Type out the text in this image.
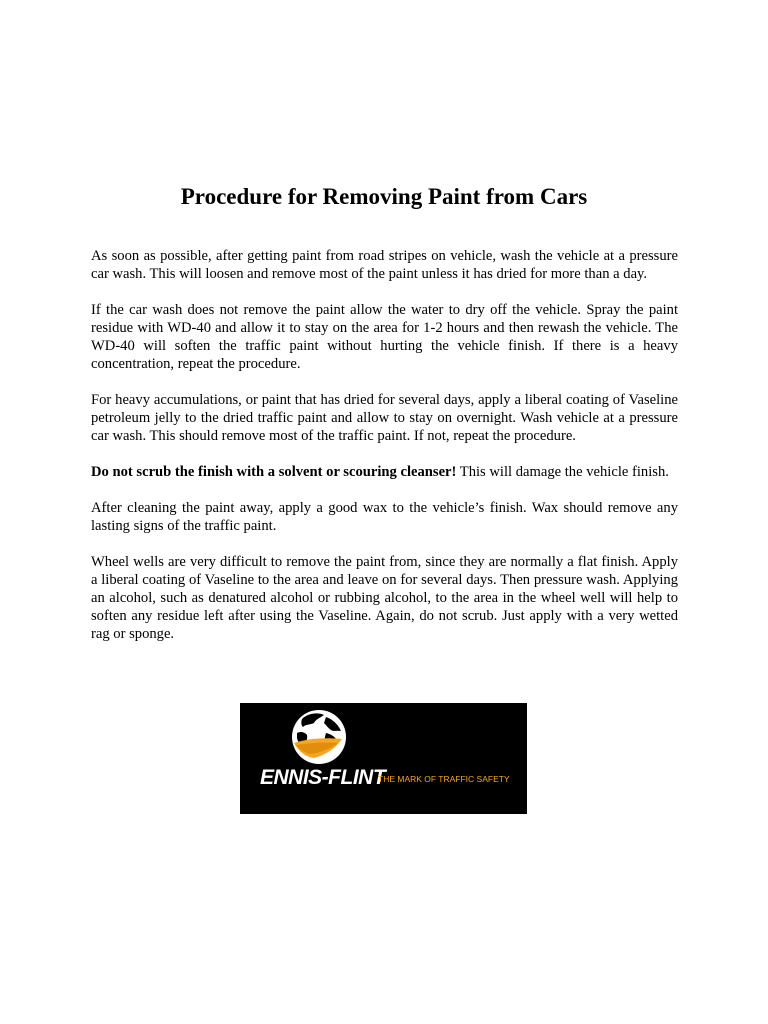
Procedure for Removing Paint from Cars

As soon as possible, after getting paint from road stripes on vehicle, wash the vehicle at a pressure car wash. This will loosen and remove most of the paint unless it has dried for more than a day.

If the car wash does not remove the paint allow the water to dry off the vehicle. Spray the paint residue with WD-40 and allow it to stay on the area for 1-2 hours and then rewash the vehicle. The WD-40 will soften the traffic paint without hurting the vehicle finish. If there is a heavy concentration, repeat the procedure.

For heavy accumulations, or paint that has dried for several days, apply a liberal coating of Vaseline petroleum jelly to the dried traffic paint and allow to stay on overnight. Wash vehicle at a pressure car wash. This should remove most of the traffic paint. If not, repeat the procedure.

Do not scrub the finish with a solvent or scouring cleanser! This will damage the vehicle finish.

After cleaning the paint away, apply a good wax to the vehicle’s finish. Wax should remove any lasting signs of the traffic paint.

Wheel wells are very difficult to remove the paint from, since they are normally a flat finish. Apply a liberal coating of Vaseline to the area and leave on for several days. Then pressure wash. Applying an alcohol, such as denatured alcohol or rubbing alcohol, to the area in the wheel well will help to soften any residue left after using the Vaseline. Again, do not scrub. Just apply with a very wetted rag or sponge.

ENNIS-FLINT
THE MARK OF TRAFFIC SAFETY
